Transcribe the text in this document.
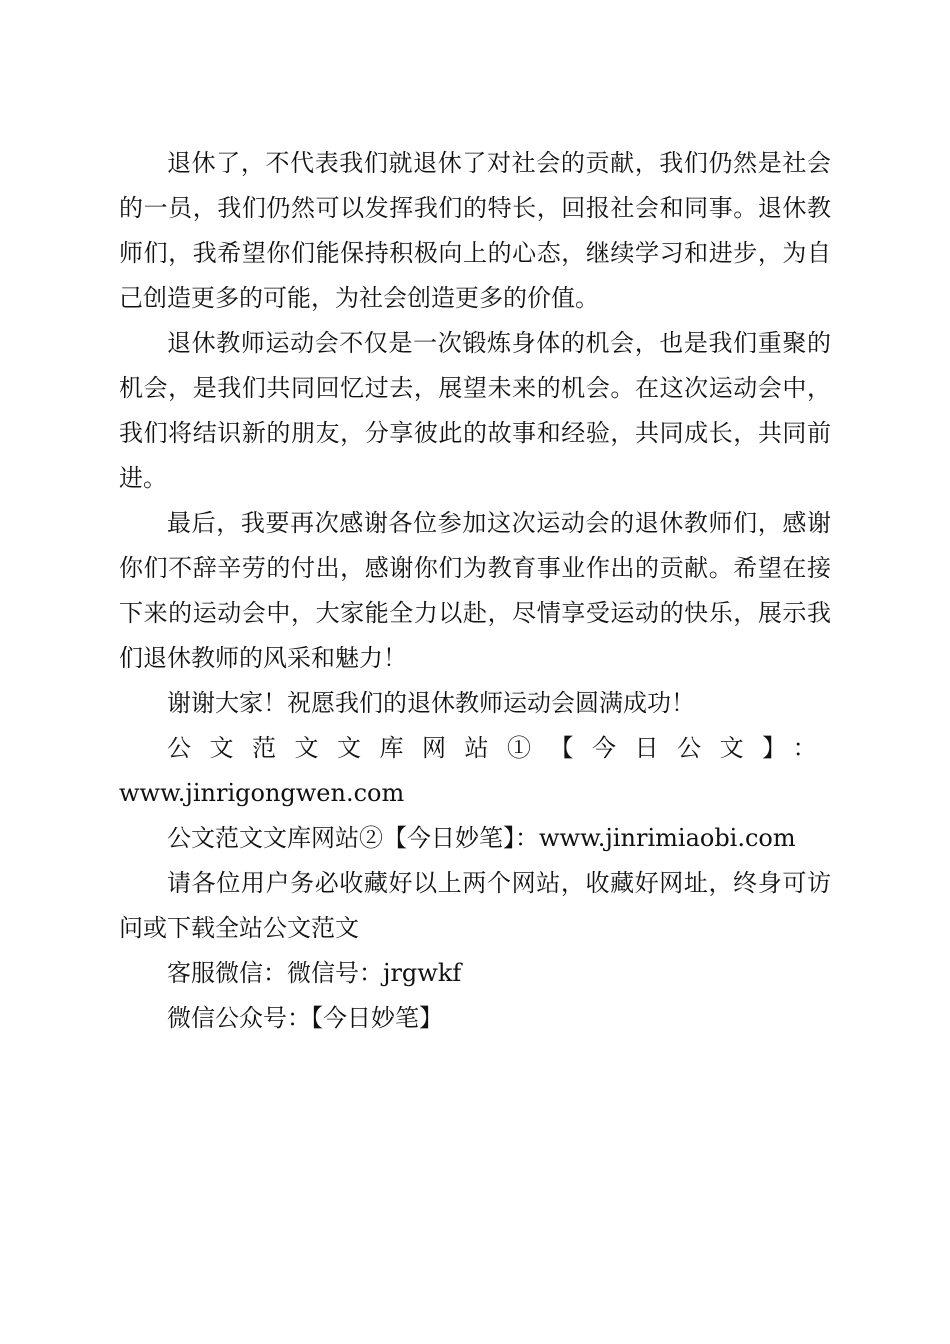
退休了，不代表我们就退休了对社会的贡献，我们仍然是社会的一员，我们仍然可以发挥我们的特长，回报社会和同事。退休教师们，我希望你们能保持积极向上的心态，继续学习和进步，为自己创造更多的可能，为社会创造更多的价值。

退休教师运动会不仅是一次锻炼身体的机会，也是我们重聚的机会，是我们共同回忆过去，展望未来的机会。在这次运动会中，我们将结识新的朋友，分享彼此的故事和经验，共同成长，共同前进。

最后，我要再次感谢各位参加这次运动会的退休教师们，感谢你们不辞辛劳的付出，感谢你们为教育事业作出的贡献。希望在接下来的运动会中，大家能全力以赴，尽情享受运动的快乐，展示我们退休教师的风采和魅力！

谢谢大家！祝愿我们的退休教师运动会圆满成功！

公文范文文库网站①【今日公文】：

www.jinrigongwen.com

公文范文文库网站②【今日妙笔】：www.jinrimiaobi.com

请各位用户务必收藏好以上两个网站，收藏好网址，终身可访问或下载全站公文范文

客服微信：微信号：jrgwkf

微信公众号：【今日妙笔】
